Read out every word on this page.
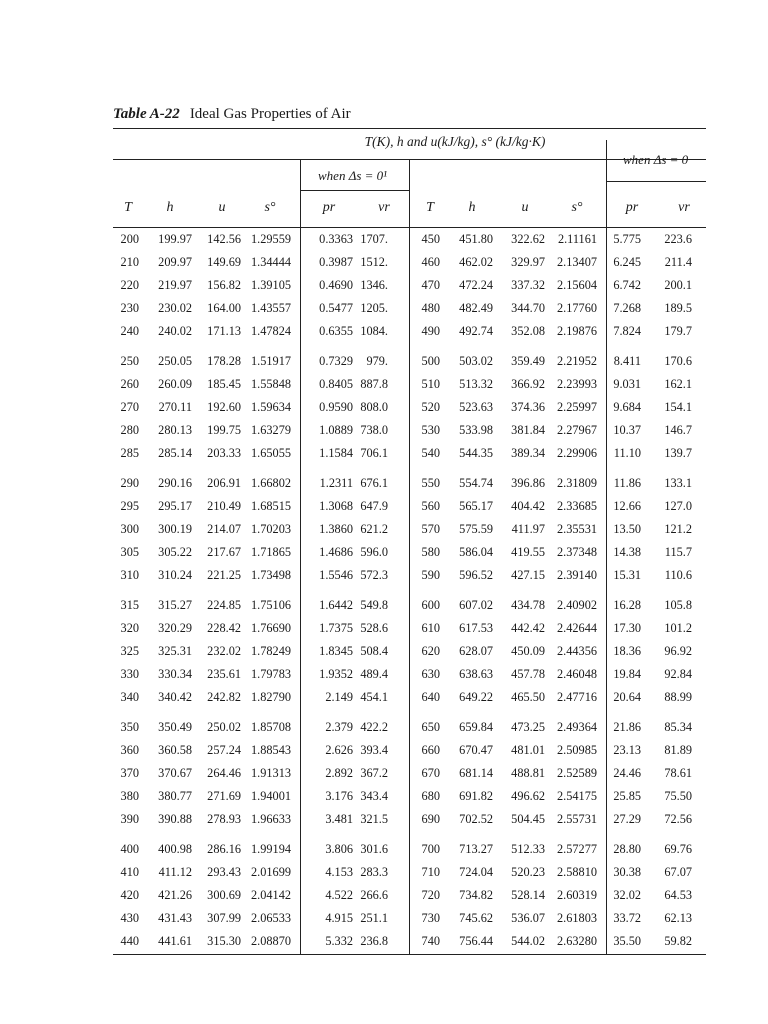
Table A-22 Ideal Gas Properties of Air
T(K), h and u(kJ/kg), s° (kJ/kg·K)
when Δs = 0¹
when Δs = 0
T	h	u	s°	pr	vr	T	h	u	s°	pr	vr
200 199.97 142.56 1.29559 0.3363 1707.	450 451.80 322.62 2.11161 5.775 223.6
210 209.97 149.69 1.34444 0.3987 1512.	460 462.02 329.97 2.13407 6.245 211.4
220 219.97 156.82 1.39105 0.4690 1346.	470 472.24 337.32 2.15604 6.742 200.1
230 230.02 164.00 1.43557 0.5477 1205.	480 482.49 344.70 2.17760 7.268 189.5
240 240.02 171.13 1.47824 0.6355 1084.	490 492.74 352.08 2.19876 7.824 179.7
250 250.05 178.28 1.51917 0.7329 979.	500 503.02 359.49 2.21952 8.411 170.6
260 260.09 185.45 1.55848 0.8405 887.8	510 513.32 366.92 2.23993 9.031 162.1
270 270.11 192.60 1.59634 0.9590 808.0	520 523.63 374.36 2.25997 9.684 154.1
280 280.13 199.75 1.63279 1.0889 738.0	530 533.98 381.84 2.27967 10.37 146.7
285 285.14 203.33 1.65055 1.1584 706.1	540 544.35 389.34 2.29906 11.10 139.7
290 290.16 206.91 1.66802 1.2311 676.1	550 554.74 396.86 2.31809 11.86 133.1
295 295.17 210.49 1.68515 1.3068 647.9	560 565.17 404.42 2.33685 12.66 127.0
300 300.19 214.07 1.70203 1.3860 621.2	570 575.59 411.97 2.35531 13.50 121.2
305 305.22 217.67 1.71865 1.4686 596.0	580 586.04 419.55 2.37348 14.38 115.7
310 310.24 221.25 1.73498 1.5546 572.3	590 596.52 427.15 2.39140 15.31 110.6
315 315.27 224.85 1.75106 1.6442 549.8	600 607.02 434.78 2.40902 16.28 105.8
320 320.29 228.42 1.76690 1.7375 528.6	610 617.53 442.42 2.42644 17.30 101.2
325 325.31 232.02 1.78249 1.8345 508.4	620 628.07 450.09 2.44356 18.36 96.92
330 330.34 235.61 1.79783 1.9352 489.4	630 638.63 457.78 2.46048 19.84 92.84
340 340.42 242.82 1.82790	2.149 454.1	640 649.22 465.50 2.47716 20.64 88.99
350 350.49 250.02 1.85708	2.379 422.2	650 659.84 473.25 2.49364 21.86 85.34
360 360.58 257.24 1.88543	2.626 393.4	660 670.47 481.01 2.50985 23.13 81.89
370 370.67 264.46 1.91313	2.892 367.2	670 681.14 488.81 2.52589 24.46 78.61
380 380.77 271.69 1.94001	3.176 343.4	680 691.82 496.62 2.54175 25.85 75.50
390 390.88 278.93 1.96633	3.481 321.5	690 702.52 504.45 2.55731 27.29 72.56
400 400.98 286.16 1.99194	3.806 301.6	700 713.27 512.33 2.57277 28.80 69.76
410 411.12 293.43 2.01699	4.153 283.3	710 724.04 520.23 2.58810 30.38 67.07
420 421.26 300.69 2.04142	4.522 266.6	720 734.82 528.14 2.60319 32.02 64.53
430 431.43 307.99 2.06533	4.915 251.1	730 745.62 536.07 2.61803 33.72 62.13
440 441.61 315.30 2.08870	5.332 236.8	740 756.44 544.02 2.63280 35.50 59.82
